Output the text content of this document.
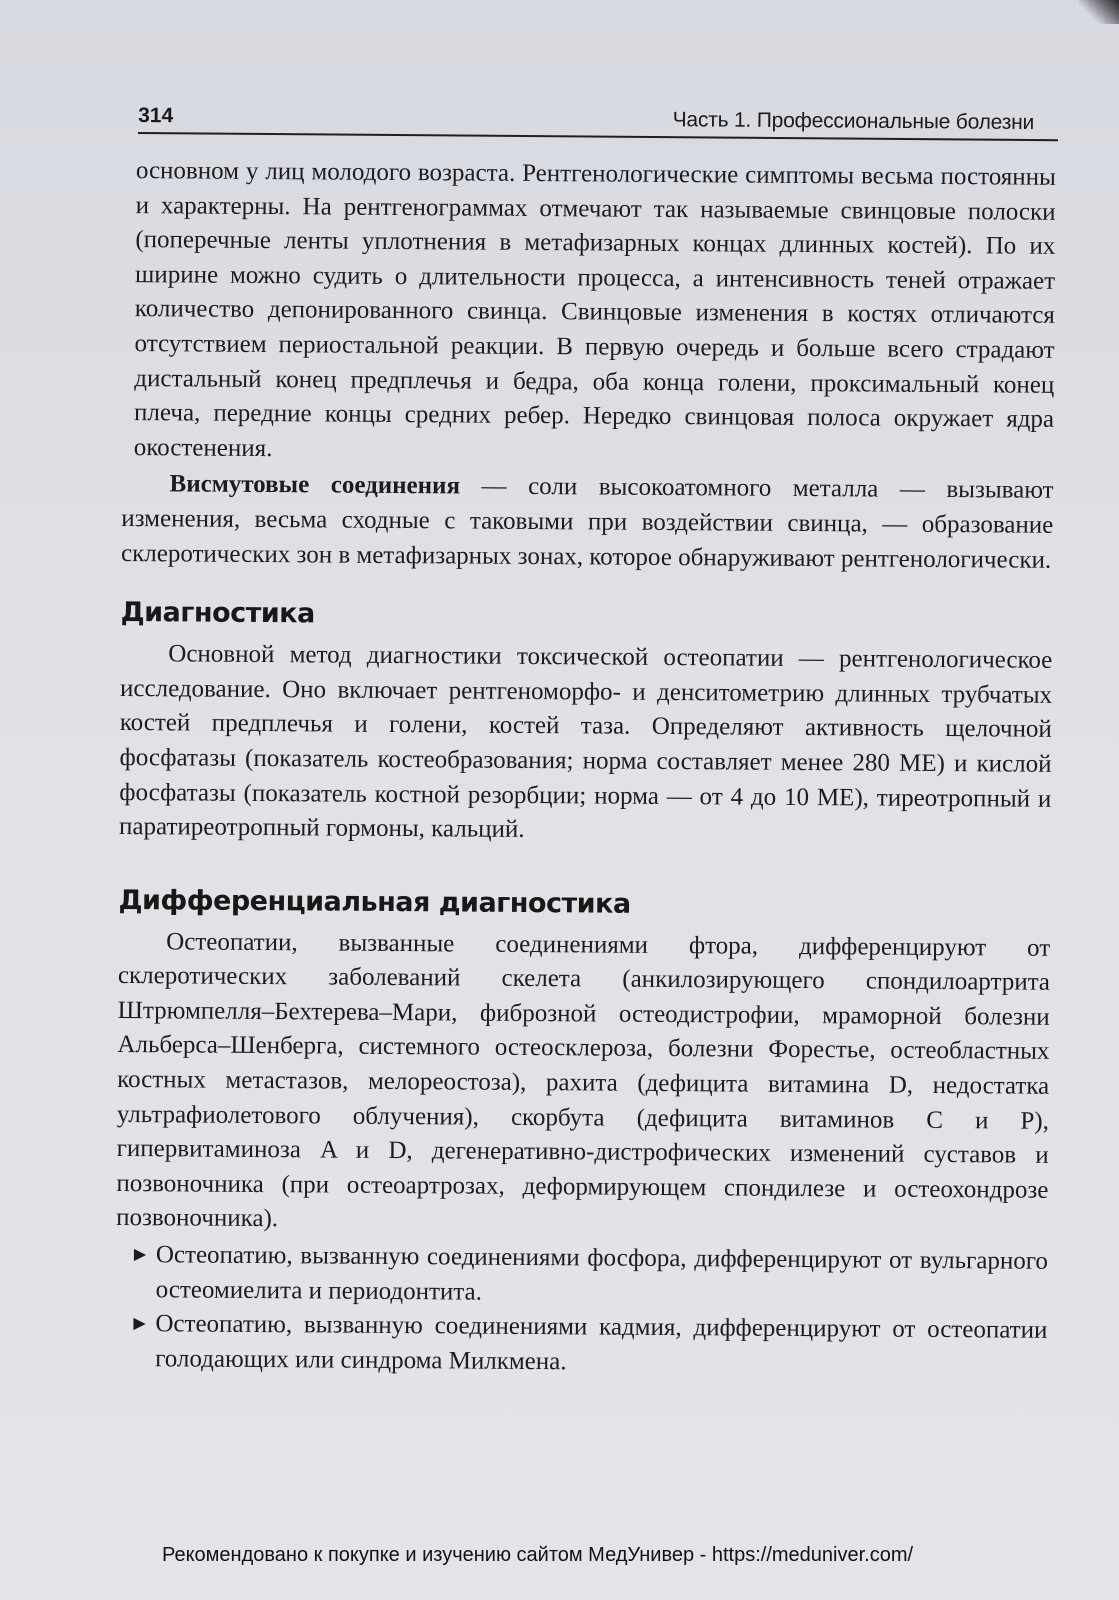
314	Часть 1. Профессиональные болезни

основном у лиц молодого возраста. Рентгенологические симптомы весьма постоянны и характерны. На рентгенограммах отмечают так называемые свинцовые полоски (поперечные ленты уплотнения в метафизарных концах длинных костей). По их ширине можно судить о длительности процесса, а интенсивность теней отражает количество депонированного свинца. Свинцовые изменения в костях отличаются отсутствием периостальной реакции. В первую очередь и больше всего страдают дистальный конец предплечья и бедра, оба конца голени, проксимальный конец плеча, передние концы средних ребер. Нередко свинцовая полоса окружает ядра окостенения.

Висмутовые соединения — соли высокоатомного металла — вызывают изменения, весьма сходные с таковыми при воздействии свинца, — образование склеротических зон в метафизарных зонах, которое обнаруживают рентгенологически.

Диагностика

Основной метод диагностики токсической остеопатии — рентгенологическое исследование. Оно включает рентгеноморфо- и денситометрию длинных трубчатых костей предплечья и голени, костей таза. Определяют активность щелочной фосфатазы (показатель костеобразования; норма составляет менее 280 МЕ) и кислой фосфатазы (показатель костной резорбции; норма — от 4 до 10 МЕ), тиреотропный и паратиреотропный гормоны, кальций.

Дифференциальная диагностика

Остеопатии, вызванные соединениями фтора, дифференцируют от склеротических заболеваний скелета (анкилозирующего спондилоартрита Штрюмпелля–Бехтерева–Мари, фиброзной остеодистрофии, мраморной болезни Альберса–Шенберга, системного остеосклероза, болезни Форестье, остеобластных костных метастазов, мелореостоза), рахита (дефицита витамина D, недостатка ультрафиолетового облучения), скорбута (дефицита витаминов C и P), гипервитаминоза A и D, дегенеративно-дистрофических изменений суставов и позвоночника (при остеоартрозах, деформирующем спондилезе и остеохондрозе позвоночника).

▶ Остеопатию, вызванную соединениями фосфора, дифференцируют от вульгарного остеомиелита и периодонтита.
▶ Остеопатию, вызванную соединениями кадмия, дифференцируют от остеопатии голодающих или синдрома Милкмена.
Рекомендовано к покупке и изучению сайтом МедУнивер - https://meduniver.com/
